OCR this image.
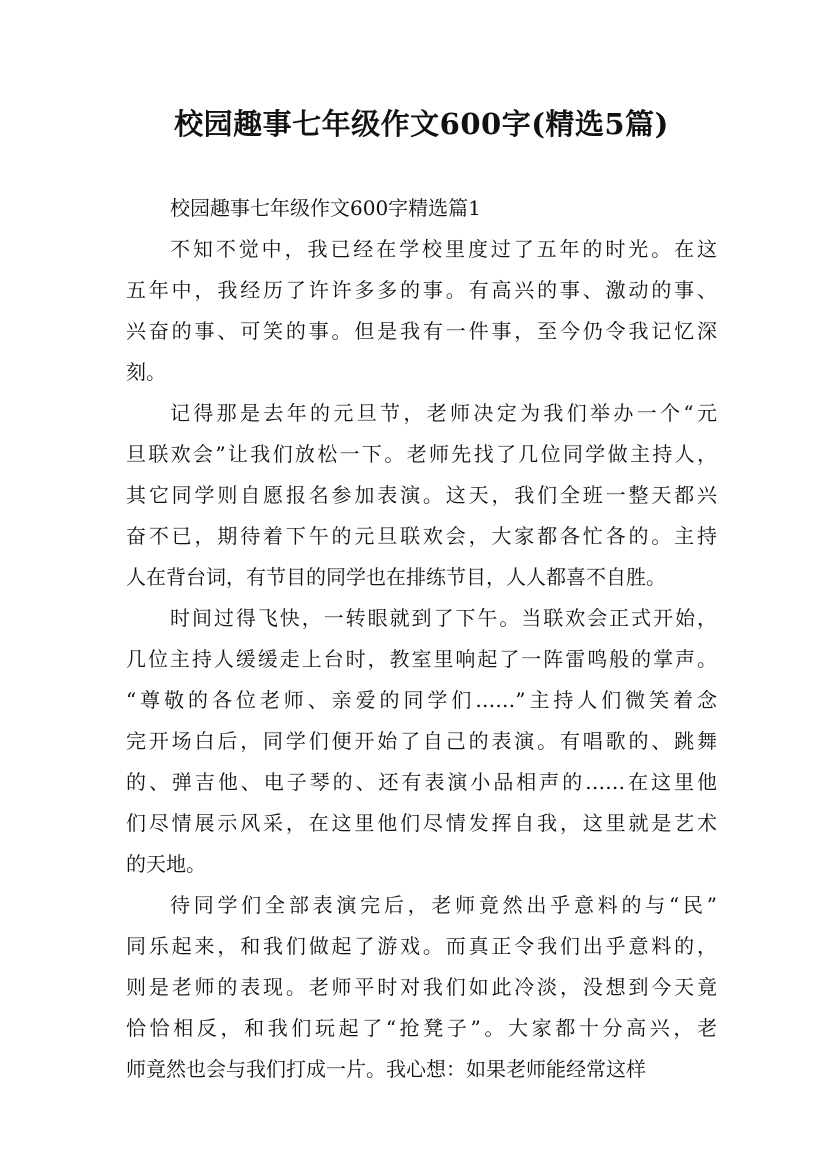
校园趣事七年级作文600字(精选5篇)
校园趣事七年级作文600字精选篇1
不知不觉中，我已经在学校里度过了五年的时光。在这
五年中，我经历了许许多多的事。有高兴的事、激动的事、
兴奋的事、可笑的事。但是我有一件事，至今仍令我记忆深
刻。
记得那是去年的元旦节，老师决定为我们举办一个“元
旦联欢会”让我们放松一下。老师先找了几位同学做主持人，
其它同学则自愿报名参加表演。这天，我们全班一整天都兴
奋不已，期待着下午的元旦联欢会，大家都各忙各的。主持
人在背台词，有节目的同学也在排练节目，人人都喜不自胜。
时间过得飞快，一转眼就到了下午。当联欢会正式开始，
几位主持人缓缓走上台时，教室里响起了一阵雷鸣般的掌声。
“尊敬的各位老师、亲爱的同学们……”主持人们微笑着念
完开场白后，同学们便开始了自己的表演。有唱歌的、跳舞
的、弹吉他、电子琴的、还有表演小品相声的……在这里他
们尽情展示风采，在这里他们尽情发挥自我，这里就是艺术
的天地。
待同学们全部表演完后，老师竟然出乎意料的与“民”
同乐起来，和我们做起了游戏。而真正令我们出乎意料的，
则是老师的表现。老师平时对我们如此冷淡，没想到今天竟
恰恰相反，和我们玩起了“抢凳子”。大家都十分高兴，老
师竟然也会与我们打成一片。我心想：如果老师能经常这样
